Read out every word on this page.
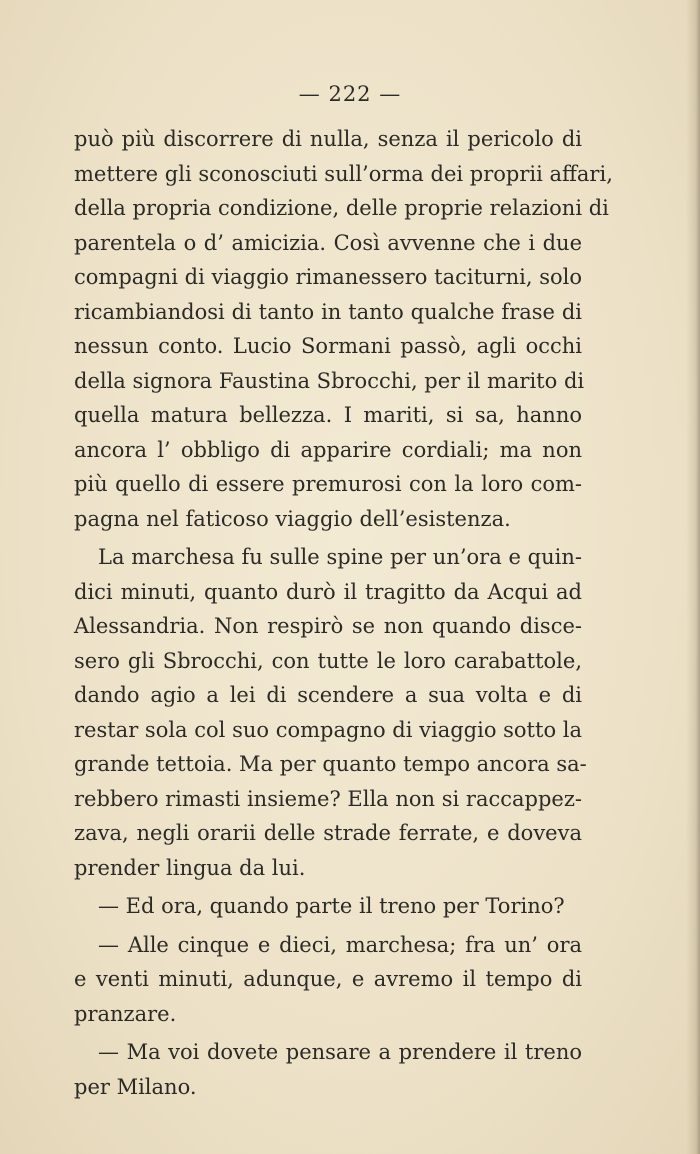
— 222 —
può più discorrere di nulla, senza il pericolo di
mettere gli sconosciuti sull’orma dei proprii affari,
della propria condizione, delle proprie relazioni di
parentela o d’ amicizia. Così avvenne che i due
compagni di viaggio rimanessero taciturni, solo
ricambiandosi di tanto in tanto qualche frase di
nessun conto. Lucio Sormani passò, agli occhi
della signora Faustina Sbrocchi, per il marito di
quella matura bellezza. I mariti, si sa, hanno
ancora l’ obbligo di apparire cordiali; ma non
più quello di essere premurosi con la loro com-
pagna nel faticoso viaggio dell’esistenza.
La marchesa fu sulle spine per un’ora e quin-
dici minuti, quanto durò il tragitto da Acqui ad
Alessandria. Non respirò se non quando disce-
sero gli Sbrocchi, con tutte le loro carabattole,
dando agio a lei di scendere a sua volta e di
restar sola col suo compagno di viaggio sotto la
grande tettoia. Ma per quanto tempo ancora sa-
rebbero rimasti insieme? Ella non si raccappez-
zava, negli orarii delle strade ferrate, e doveva
prender lingua da lui.
— Ed ora, quando parte il treno per Torino?
— Alle cinque e dieci, marchesa; fra un’ ora
e venti minuti, adunque, e avremo il tempo di
pranzare.
— Ma voi dovete pensare a prendere il treno
per Milano.
